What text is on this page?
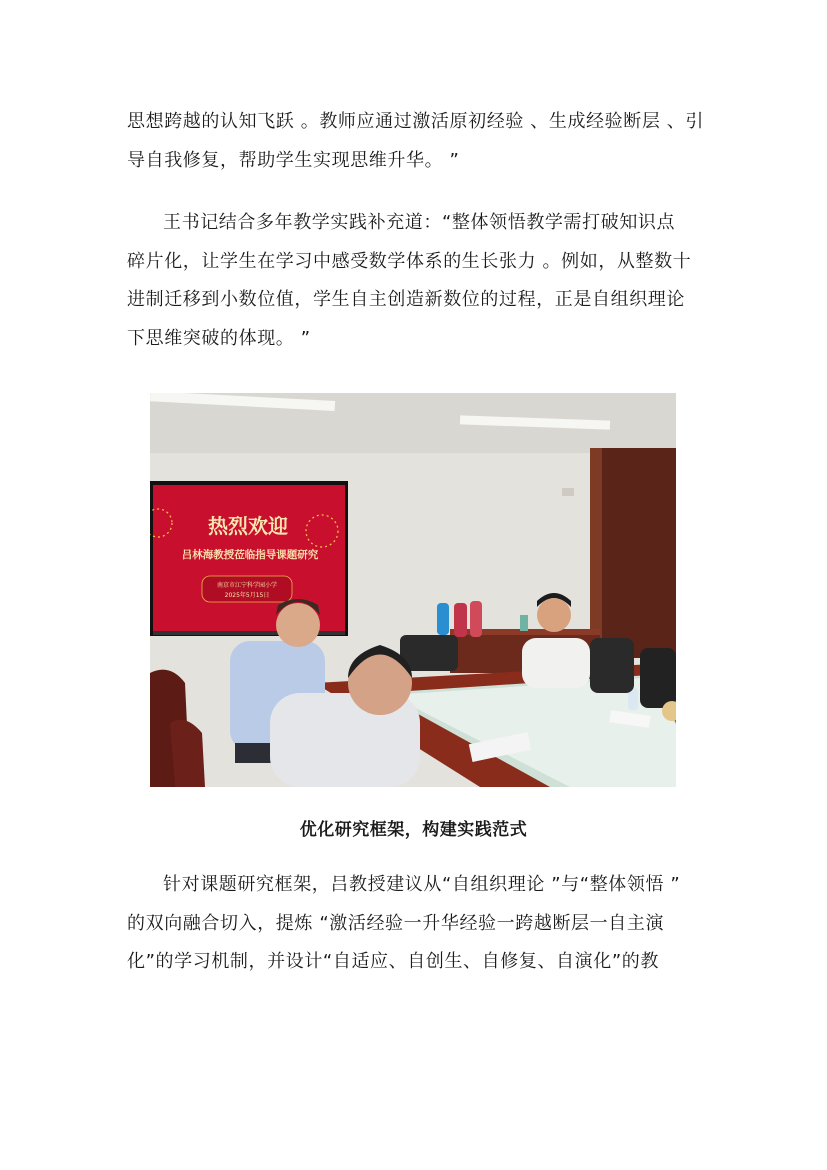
思想跨越的认知飞跃 。教师应通过激活原初经验 、生成经验断层 、引
导自我修复，帮助学生实现思维升华。 ”
王书记结合多年教学实践补充道：“整体领悟教学需打破知识点
碎片化，让学生在学习中感受数学体系的生长张力 。例如，从整数十
进制迁移到小数位值，学生自主创造新数位的过程，正是自组织理论
下思维突破的体现。 ”
热烈欢迎
吕林海教授莅临指导课题研究
南京市江宁科学园小学
2025年5月15日
优化研究框架，构建实践范式
针对课题研究框架，吕教授建议从“自组织理论 ”与“整体领悟 ”
的双向融合切入，提炼 “激活经验一升华经验一跨越断层一自主演
化”的学习机制，并设计“自适应、自创生、自修复、自演化”的教
